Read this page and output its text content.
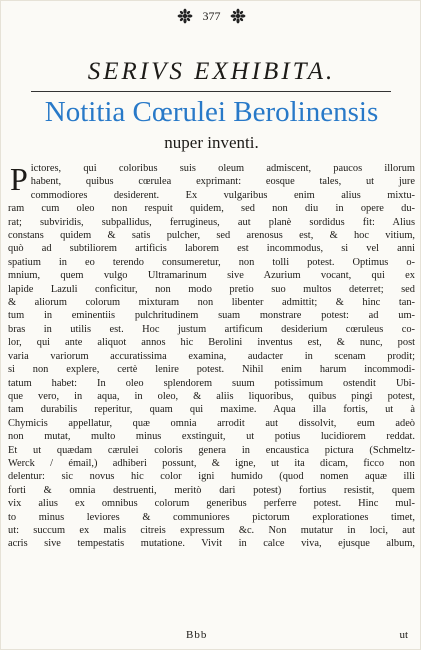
377
SERIVS EXHIBITA.
Notitia Cœrulei Berolinensis
nuper inventi.
P ictores, qui coloribus suis oleum admiscent, paucos illorum
habent, quibus cœrulea exprimant: eosque tales, ut jure
commodiores desiderent. Ex vulgaribus enim alius mixtu-
ram cum oleo non respuit quidem, sed non diu in opere du-
rat; subviridis, subpallidus, ferrugineus, aut planè sordidus fit: Alius
constans quidem & satis pulcher, sed arenosus est, & hoc vitium,
quò ad subtiliorem artificis laborem est incommodus, si vel anni
spatium in eo terendo consumeretur, non tolli potest. Optimus o-
mnium, quem vulgo Ultramarinum sive Azurium vocant, qui ex
lapide Lazuli conficitur, non modo pretio suo multos deterret; sed
& aliorum colorum mixturam non libenter admittit; & hinc tan-
tum in eminentiis pulchritudinem suam monstrare potest: ad um-
bras in utilis est. Hoc justum artificum desiderium cœruleus co-
lor, qui ante aliquot annos hic Berolini inventus est, & nunc, post
varia variorum accuratissima examina, audacter in scenam prodit;
si non explere, certè lenire potest. Nihil enim harum incommodi-
tatum habet: In oleo splendorem suum potissimum ostendit Ubi-
que vero, in aqua, in oleo, & aliis liquoribus, quibus pingi potest,
tam durabilis reperitur, quam qui maxime. Aqua illa fortis, ut à
Chymicis appellatur, quæ omnia arrodit aut dissolvit, eum adeò
non mutat, multo minus exstinguit, ut potius lucidiorem reddat.
Et ut quædam cærulei coloris genera in encaustica pictura (Schmeltz-
Werck / émail,) adhiberi possunt, & igne, ut ita dicam, ficco non
delentur: sic novus hic color igni humido (quod nomen aquæ illi
forti & omnia destruenti, meritò dari potest) fortius resistit, quem
vix alius ex omnibus colorum generibus perferre potest. Hinc mul-
to minus leviores & communiores pictorum explorationes timet,
ut: succum ex malis citreis expressum &c. Non mutatur in loci, aut
acris sive tempestatis mutatione. Vivit in calce viva, ejusque album,
Bbb	ut
